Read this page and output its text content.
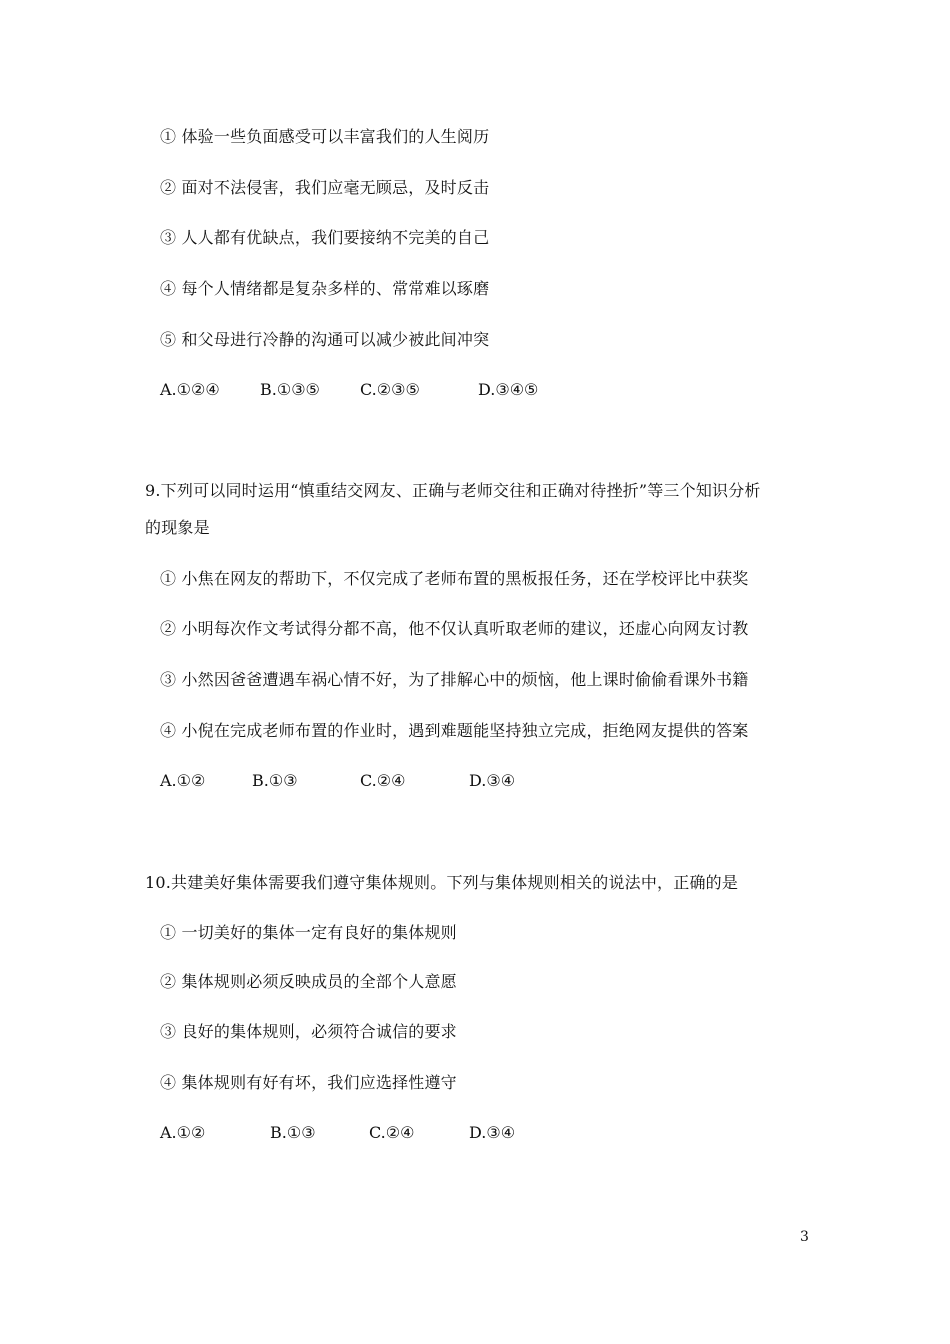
① 体验一些负面感受可以丰富我们的人生阅历
② 面对不法侵害，我们应毫无顾忌，及时反击
③ 人人都有优缺点，我们要接纳不完美的自己
④ 每个人情绪都是复杂多样的、常常难以琢磨
⑤ 和父母进行冷静的沟通可以减少被此间冲突
A.①②④	B.①③⑤	C.②③⑤	D.③④⑤
9.下列可以同时运用“慎重结交网友、正确与老师交往和正确对待挫折”等三个知识分析
的现象是
① 小焦在网友的帮助下，不仅完成了老师布置的黑板报任务，还在学校评比中获奖
② 小明每次作文考试得分都不高，他不仅认真听取老师的建议，还虚心向网友讨教
③ 小然因爸爸遭遇车祸心情不好，为了排解心中的烦恼，他上课时偷偷看课外书籍
④ 小倪在完成老师布置的作业时，遇到难题能坚持独立完成，拒绝网友提供的答案
A.①②	B.①③	C.②④	D.③④
10.共建美好集体需要我们遵守集体规则。下列与集体规则相关的说法中，正确的是
① 一切美好的集体一定有良好的集体规则
② 集体规则必须反映成员的全部个人意愿
③ 良好的集体规则，必须符合诚信的要求
④ 集体规则有好有坏，我们应选择性遵守
A.①②	B.①③	C.②④	D.③④
3
